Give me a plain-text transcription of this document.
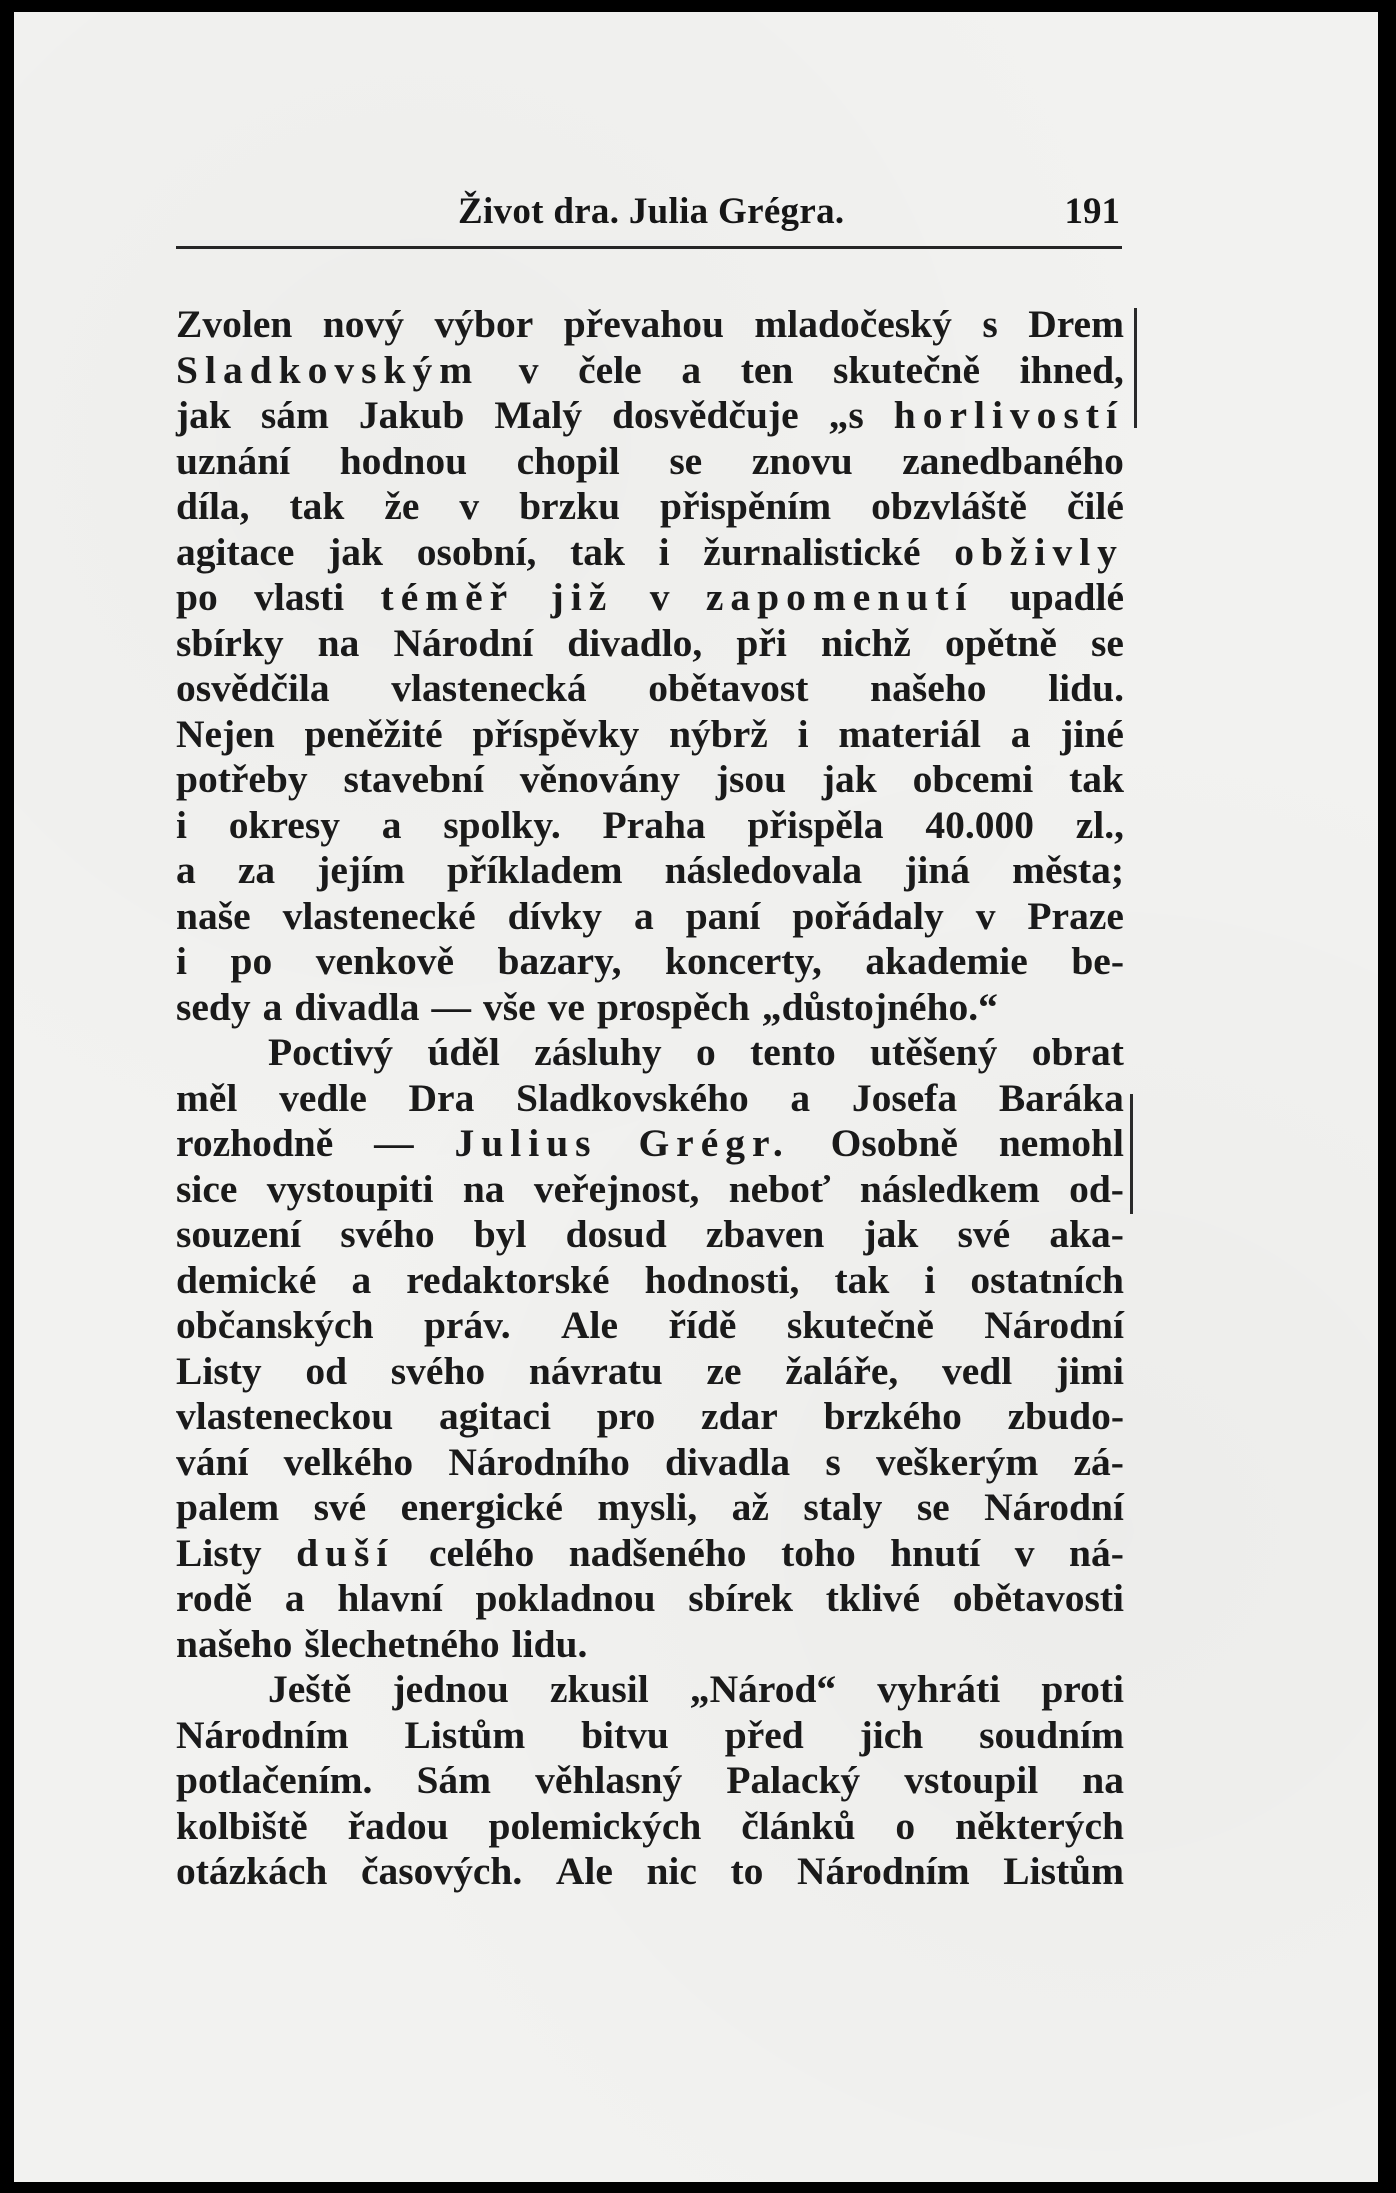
Život dra. Julia Grégra.	191
Zvolen nový výbor převahou mladočeský s Drem
Sladkovským v čele a ten skutečně ihned,
jak sám Jakub Malý dosvědčuje „s horlivostí
uznání hodnou chopil se znovu zanedbaného
díla, tak že v brzku přispěním obzvláště čilé
agitace jak osobní, tak i žurnalistické obživly
po vlasti téměř již v zapomenutí upadlé
sbírky na Národní divadlo, při nichž opětně se
osvědčila vlastenecká obětavost našeho lidu.
Nejen peněžité příspěvky nýbrž i materiál a jiné
potřeby stavební věnovány jsou jak obcemi tak
i okresy a spolky. Praha přispěla 40.000 zl.,
a za jejím příkladem následovala jiná města;
naše vlastenecké dívky a paní pořádaly v Praze
i po venkově bazary, koncerty, akademie be-
sedy a divadla — vše ve prospěch „důstojného.“
Poctivý úděl zásluhy o tento utěšený obrat
měl vedle Dra Sladkovského a Josefa Baráka
rozhodně — Julius Grégr. Osobně nemohl
sice vystoupiti na veřejnost, neboť následkem od-
souzení svého byl dosud zbaven jak své aka-
demické a redaktorské hodnosti, tak i ostatních
občanských práv. Ale řídě skutečně Národní
Listy od svého návratu ze žaláře, vedl jimi
vlasteneckou agitaci pro zdar brzkého zbudo-
vání velkého Národního divadla s veškerým zá-
palem své energické mysli, až staly se Národní
Listy duší celého nadšeného toho hnutí v ná-
rodě a hlavní pokladnou sbírek tklivé obětavosti
našeho šlechetného lidu.
Ještě jednou zkusil „Národ“ vyhráti proti
Národním Listům bitvu před jich soudním
potlačením. Sám věhlasný Palacký vstoupil na
kolbiště řadou polemických článků o některých
otázkách časových. Ale nic to Národním Listům
